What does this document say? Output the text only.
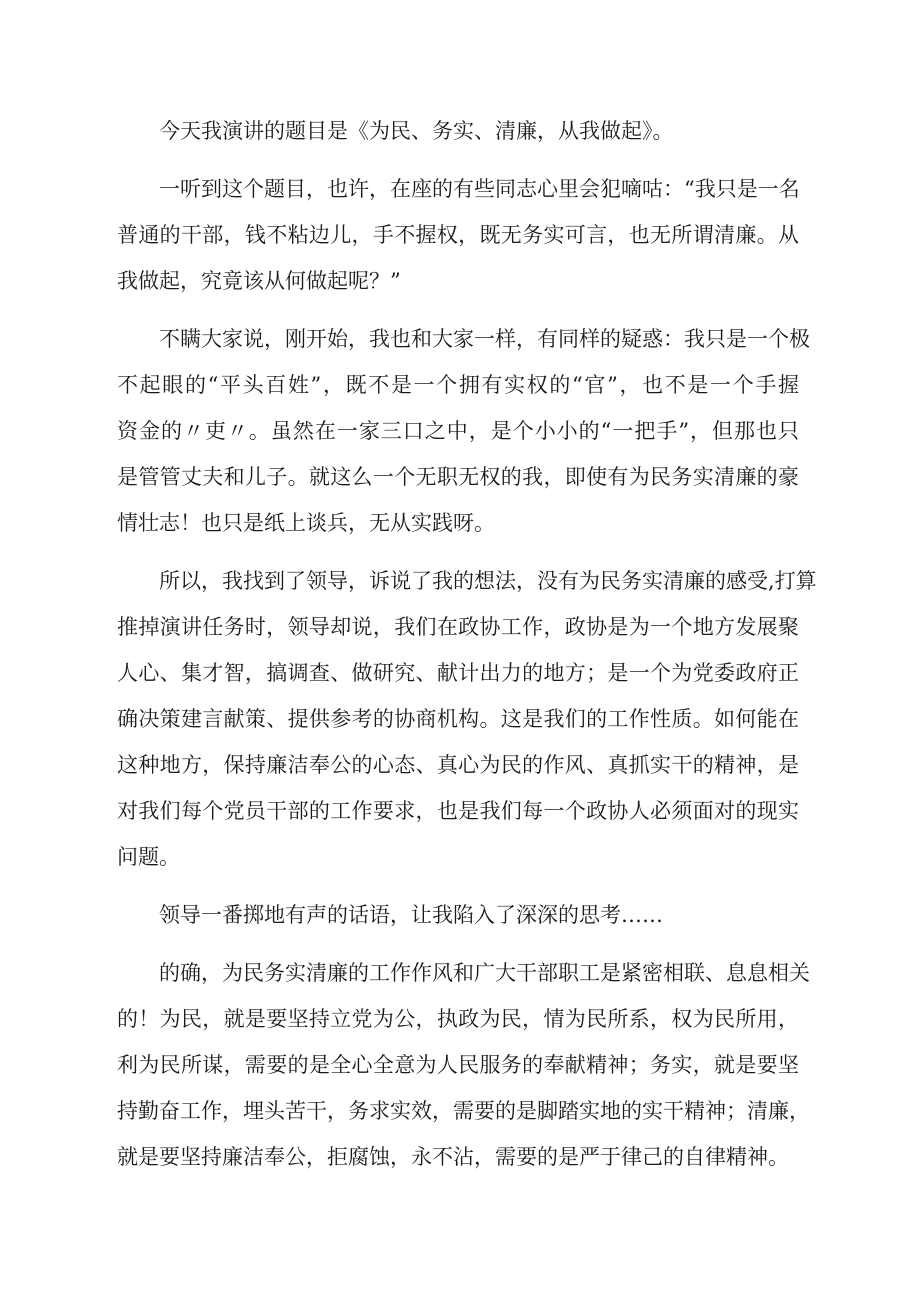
今天我演讲的题目是《为民、务实、清廉，从我做起》。
一听到这个题目，也许，在座的有些同志心里会犯嘀咕：“我只是一名
普通的干部，钱不粘边儿，手不握权，既无务实可言，也无所谓清廉。从
我做起，究竟该从何做起呢？”
不瞒大家说，刚开始，我也和大家一样，有同样的疑惑：我只是一个极
不起眼的“平头百姓”，既不是一个拥有实权的“官”，也不是一个手握
资金的〃吏〃。虽然在一家三口之中，是个小小的“一把手”，但那也只
是管管丈夫和儿子。就这么一个无职无权的我，即使有为民务实清廉的豪
情壮志！也只是纸上谈兵，无从实践呀。
所以，我找到了领导，诉说了我的想法，没有为民务实清廉的感受,打算
推掉演讲任务时，领导却说，我们在政协工作，政协是为一个地方发展聚
人心、集才智，搞调查、做研究、献计出力的地方；是一个为党委政府正
确决策建言献策、提供参考的协商机构。这是我们的工作性质。如何能在
这种地方，保持廉洁奉公的心态、真心为民的作风、真抓实干的精神，是
对我们每个党员干部的工作要求，也是我们每一个政协人必须面对的现实
问题。
领导一番掷地有声的话语，让我陷入了深深的思考……
的确，为民务实清廉的工作作风和广大干部职工是紧密相联、息息相关
的！为民，就是要坚持立党为公，执政为民，情为民所系，权为民所用，
利为民所谋，需要的是全心全意为人民服务的奉献精神；务实，就是要坚
持勤奋工作，埋头苦干，务求实效，需要的是脚踏实地的实干精神；清廉，
就是要坚持廉洁奉公，拒腐蚀，永不沾，需要的是严于律己的自律精神。
